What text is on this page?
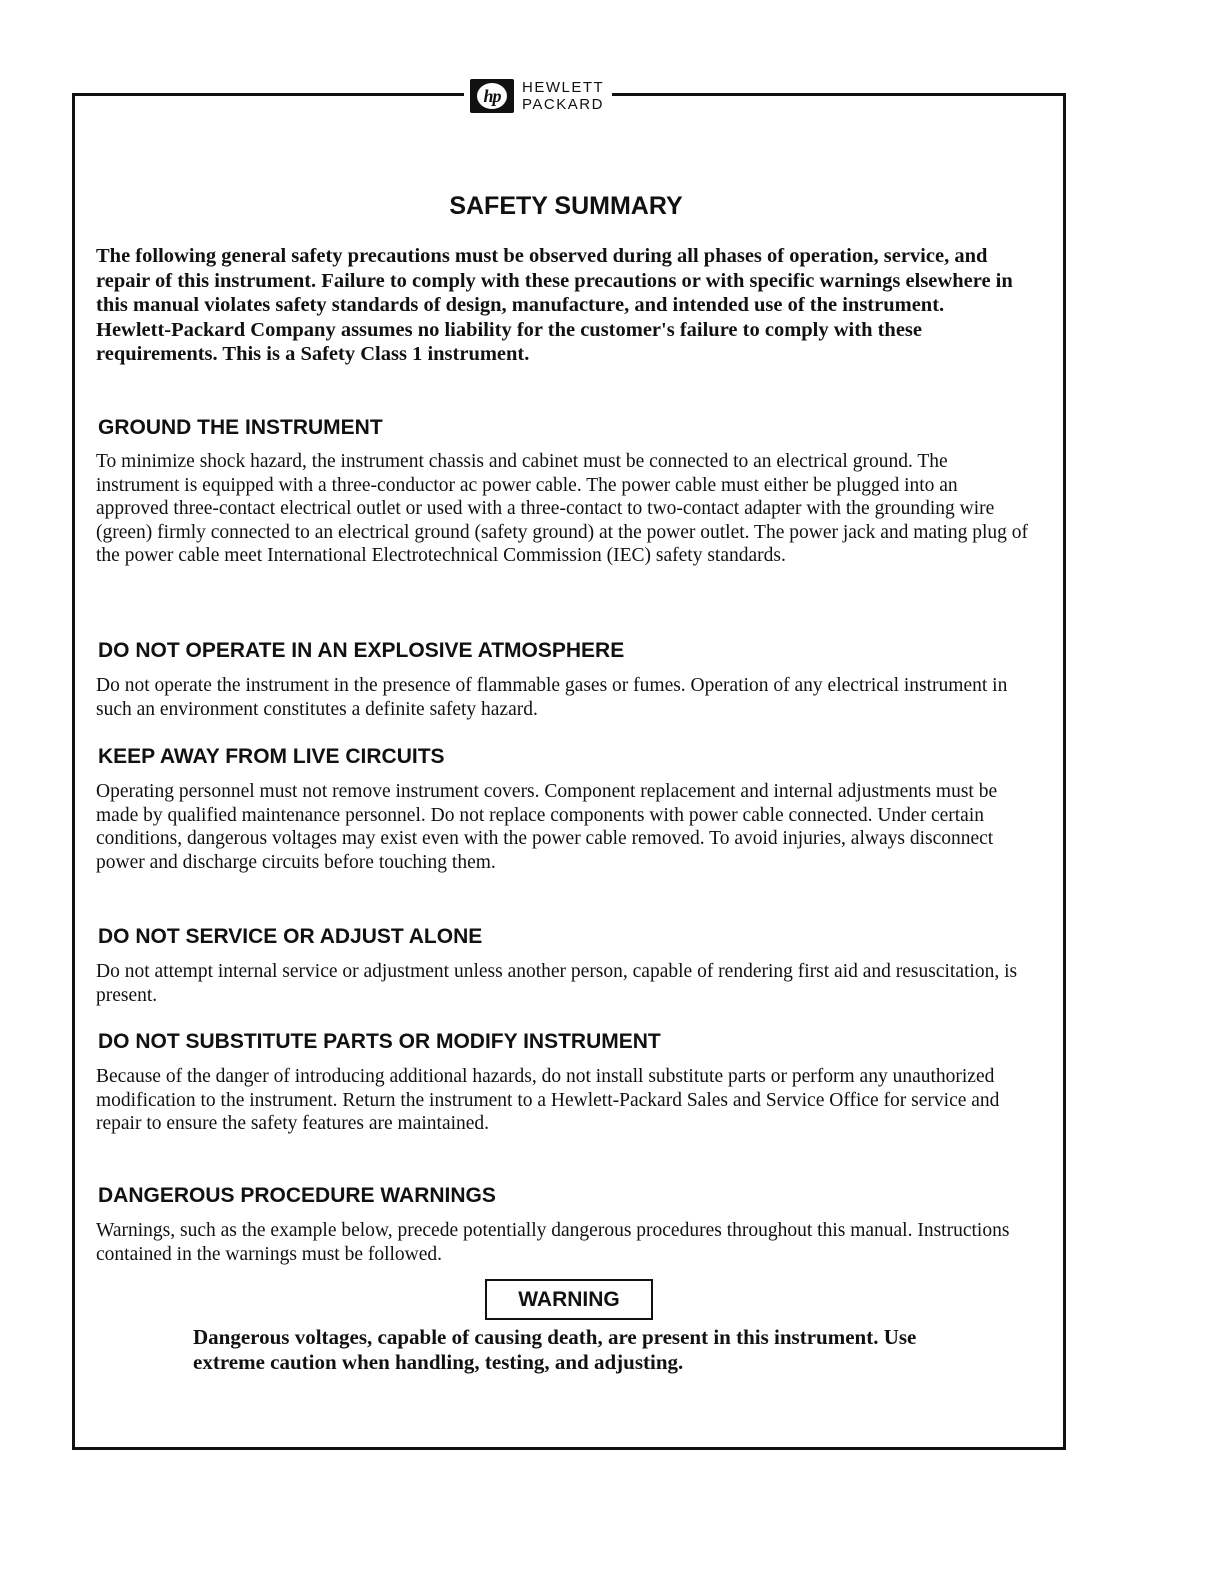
hp	HEWLETT
PACKARD
SAFETY SUMMARY
The following general safety precautions must be observed during all phases of operation, service, and repair of this instrument. Failure to comply with these precautions or with specific warnings elsewhere in this manual violates safety standards of design, manufacture, and intended use of the instrument. Hewlett-Packard Company assumes no liability for the customer's failure to comply with these requirements. This is a Safety Class 1 instrument.
GROUND THE INSTRUMENT
To minimize shock hazard, the instrument chassis and cabinet must be connected to an electrical ground. The instrument is equipped with a three-conductor ac power cable. The power cable must either be plugged into an approved three-contact electrical outlet or used with a three-contact to two-contact adapter with the grounding wire (green) firmly connected to an electrical ground (safety ground) at the power outlet. The power jack and mating plug of the power cable meet International Electrotechnical Commission (IEC) safety standards.
DO NOT OPERATE IN AN EXPLOSIVE ATMOSPHERE
Do not operate the instrument in the presence of flammable gases or fumes. Operation of any electrical instrument in such an environment constitutes a definite safety hazard.
KEEP AWAY FROM LIVE CIRCUITS
Operating personnel must not remove instrument covers. Component replacement and internal adjustments must be made by qualified maintenance personnel. Do not replace components with power cable connected. Under certain conditions, dangerous voltages may exist even with the power cable removed. To avoid injuries, always disconnect power and discharge circuits before touching them.
DO NOT SERVICE OR ADJUST ALONE
Do not attempt internal service or adjustment unless another person, capable of rendering first aid and resuscitation, is present.
DO NOT SUBSTITUTE PARTS OR MODIFY INSTRUMENT
Because of the danger of introducing additional hazards, do not install substitute parts or perform any unauthorized modification to the instrument. Return the instrument to a Hewlett-Packard Sales and Service Office for service and repair to ensure the safety features are maintained.
DANGEROUS PROCEDURE WARNINGS
Warnings, such as the example below, precede potentially dangerous procedures throughout this manual. Instructions contained in the warnings must be followed.
WARNING
Dangerous voltages, capable of causing death, are present in this instrument. Use extreme caution when handling, testing, and adjusting.
